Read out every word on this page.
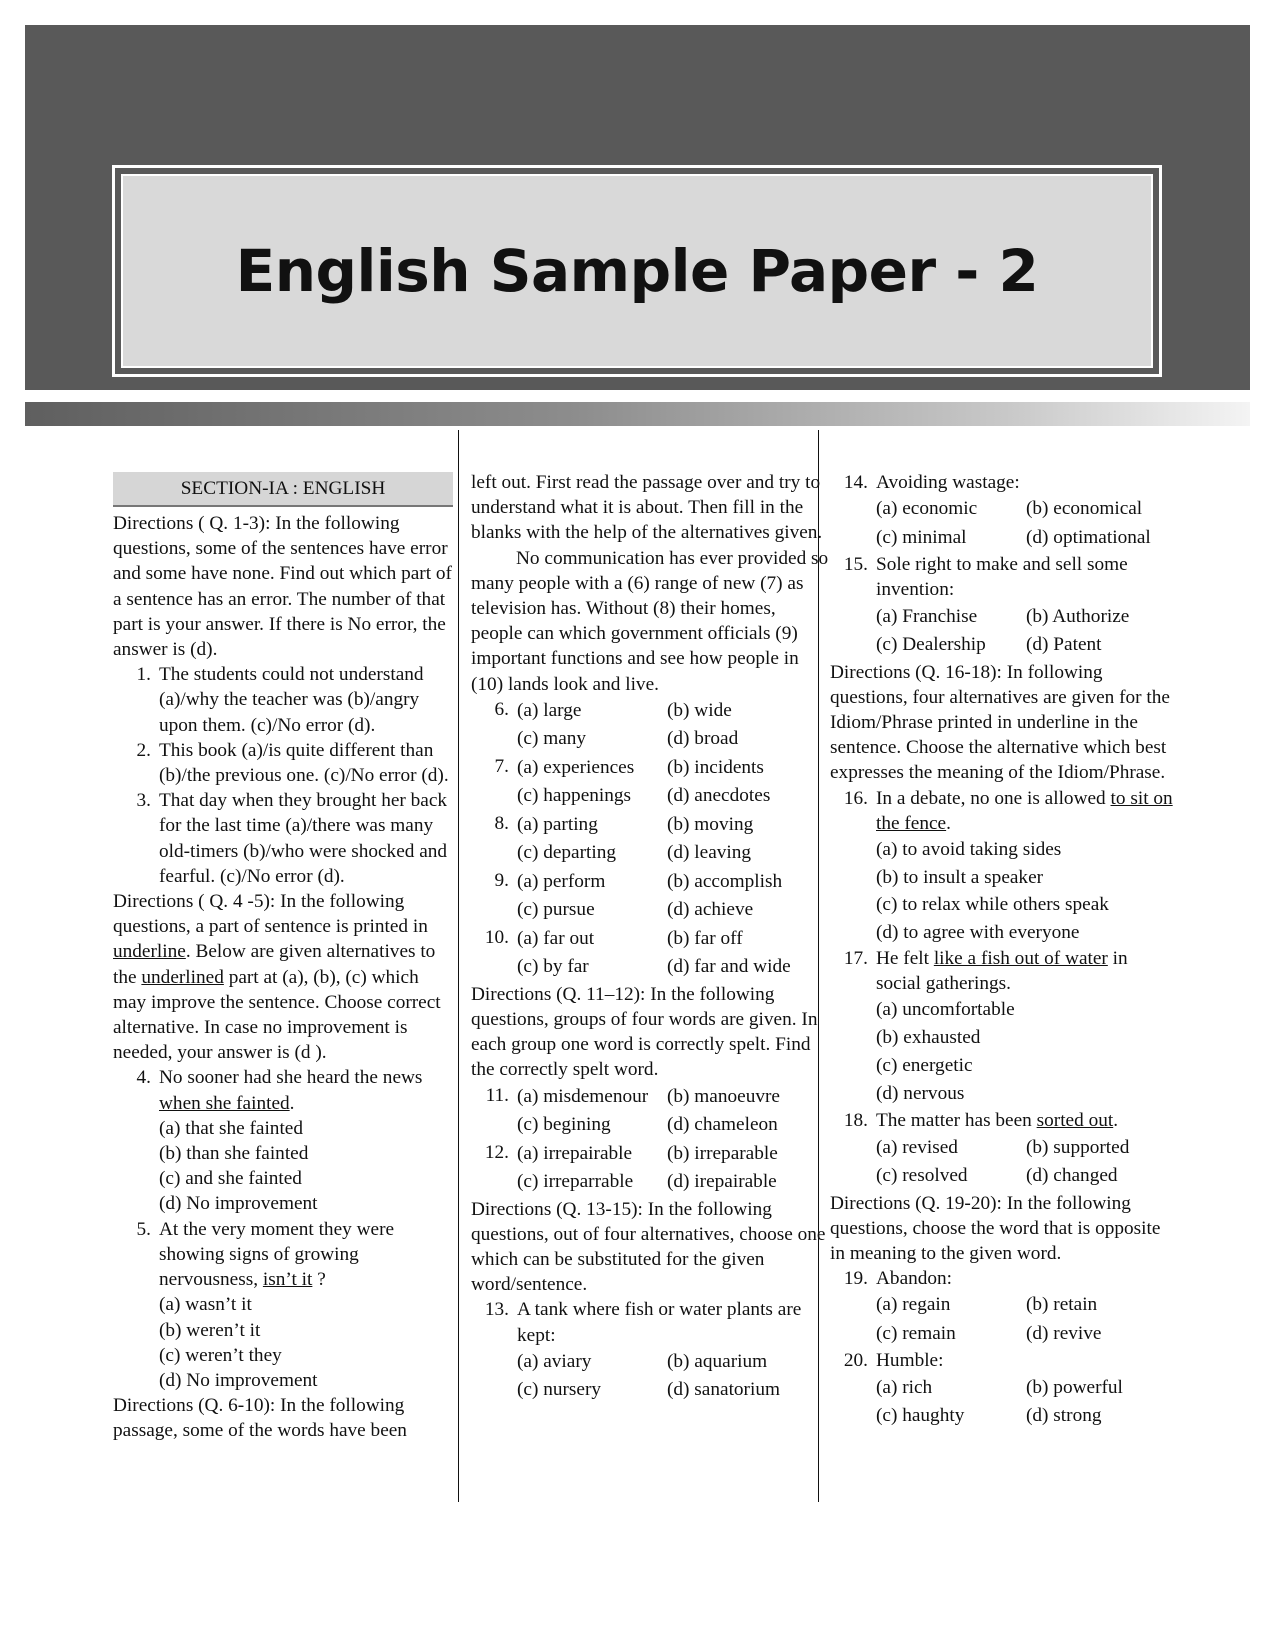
English Sample Paper - 2
SECTION-IA : ENGLISH

Directions ( Q. 1-3): In the following questions, some of the sentences have error and some have none. Find out which part of a sentence has an error. The number of that part is your answer. If there is No error, the answer is (d).

1. The students could not understand (a)/why the teacher was (b)/angry upon them. (c)/No error (d).
2. This book (a)/is quite different than (b)/the previous one. (c)/No error (d).
3. That day when they brought her back for the last time (a)/there was many old-timers (b)/who were shocked and fearful. (c)/No error (d).

Directions ( Q. 4 -5): In the following questions, a part of sentence is printed in underline. Below are given alternatives to the underlined part at (a), (b), (c) which may improve the sentence. Choose correct alternative. In case no improvement is needed, your answer is (d ).

4. No sooner had she heard the news when she fainted.
(a) that she fainted
(b) than she fainted
(c) and she fainted
(d) No improvement
5. At the very moment they were showing signs of growing nervousness, isn’t it ?
(a) wasn’t it
(b) weren’t it
(c) weren’t they
(d) No improvement

Directions (Q. 6-10): In the following passage, some of the words have been

left out. First read the passage over and try to understand what it is about. Then fill in the blanks with the help of the alternatives given.

No communication has ever provided so many people with a (6) range of new (7) as television has. Without (8) their homes, people can which government officials (9) important functions and see how people in (10) lands look and live.

6. (a) large	(b) wide
(c) many	(d) broad
7. (a) experiences	(b) incidents
(c) happenings	(d) anecdotes
8. (a) parting	(b) moving
(c) departing	(d) leaving
9. (a) perform	(b) accomplish
(c) pursue	(d) achieve
10. (a) far out	(b) far off
(c) by far	(d) far and wide

Directions (Q. 11–12): In the following questions, groups of four words are given. In each group one word is correctly spelt. Find the correctly spelt word.

11. (a) misdemenour (b) manoeuvre
(c) begining	(d) chameleon
12. (a) irrepairable	(b) irreparable
(c) irreparrable	(d) irepairable

Directions (Q. 13-15): In the following questions, out of four alternatives, choose one which can be substituted for the given word/sentence.

13. A tank where fish or water plants are kept:
(a) aviary	(b) aquarium
(c) nursery	(d) sanatorium
14. Avoiding wastage:
(a) economic	(b) economical
(c) minimal	(d) optimational
15. Sole right to make and sell some invention:
(a) Franchise	(b) Authorize
(c) Dealership	(d) Patent

Directions (Q. 16-18): In following questions, four alternatives are given for the Idiom/Phrase printed in underline in the sentence. Choose the alternative which best expresses the meaning of the Idiom/Phrase.

16. In a debate, no one is allowed to sit on the fence.
(a) to avoid taking sides
(b) to insult a speaker
(c) to relax while others speak
(d) to agree with everyone
17. He felt like a fish out of water in social gatherings.
(a) uncomfortable
(b) exhausted
(c) energetic
(d) nervous
18. The matter has been sorted out.
(a) revised	(b) supported
(c) resolved	(d) changed

Directions (Q. 19-20): In the following questions, choose the word that is opposite in meaning to the given word.

19. Abandon:
(a) regain	(b) retain
(c) remain	(d) revive
20. Humble:
(a) rich	(b) powerful
(c) haughty	(d) strong
